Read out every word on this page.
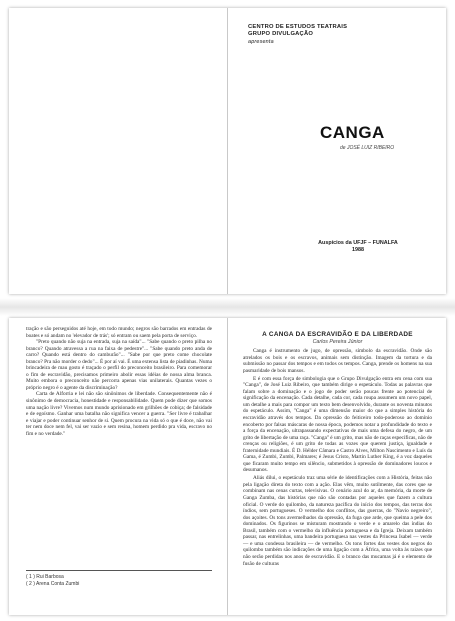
CENTRO DE ESTUDOS TEATRAIS
GRUPO DIVULGAÇÃO
apresenta
CANGA
de JOSÉ LUIZ RIBEIRO
Auspícios da UFJF – FUNALFA
1988

tração e são perseguidos até hoje, em todo mundo; negros são barrados em entradas de boates e só andam no 'elevador de trás'; só entram ou saem pela porta de serviço.

"Preto quando não suja na entrada, suja na saída"... "Sabe quando o preto pilha no branco? Quando atravessa a rua na faixa de pedestre"... "Sabe quando preto anda de carro? Quando está dentro do camburão"... "Sabe por que preto come chocolate branco? Pra não morder o dedo"... É por aí vai. É uma extensa lista de piadinhas. Numa brincadeira de mau gosto é traçado o perfil do preconceito brasileiro. Para comemorar o fim de escravidão, precisamos primeiro abolir essas idéias de nossa alma branca. Muito embora o preconceito não percorra apenas vias unilaterais. Quantas vezes o próprio negro é o agente da discriminação?

Carta de Alforria e lei não são sinônimos de liberdade. Consequentemente não é sinônimo de democracia, honestidade e responsabilidade. Quem pode dizer que somos uma nação livre? Vivemos num mundo aprisionado em grilhões de cobiça; de falsidade e de egoísmo. Ganhar uma batalha não significa vencer a guerra. "Ser livre é trabalhar e viajar e poder continuar senhor de si. Quem procura na vida só o que é doce, não vai ter nem doce nem fel, vai ser vazio e sem resina, homem perdido pra vida, escravo no fim e no verdade."

( 1 ) Rui Barbosa

( 2 ) Arena Conta Zumbi

A CANGA DA ESCRAVIDÃO E DA LIBERDADE
Carlos Pereira Júnior

Canga é instrumento de jugo, de opressão, símbolo da escravidão. Onde são atrelados os bois e os escravos, animais sem distinção. Imagem da tortura e da submissão no passar dos tempos e em todos os tempos. Canga, prende os homens na sua pasmaridade de bois mansos.

E é com essa força de simbologia que o Grupo Divulgação entra em cena com sua "Canga", de José Luiz Ribeiro, que também dirige o espetáculo. Todas as palavras que falam sobre a dominação e o jogo de poder serão poucas frente ao potencial de significação da encenação. Cada detalhe, cada cor, cada roupa assumem um novo papel, um detalhe a mais para compor um texto bem desenvolvido, durante os noventa minutos do espetáculo. Assim, "Canga" é uma dimensão maior do que a simples história do escravidão através dos tempos. Da opressão do feiticeiro todo-poderoso ao domínio encoberto por falsas máscaras de nossa época, podemos notar a profundidade do texto e a força da encenação, ultrapassando expectativas de mais uma defesa do negro, de um grito de libertação de uma raça. "Canga" é um grito, mas não de raças específicas, não de crenças ou religiões, é um grito de todas as vozes que querem justiça, igualdade e fraternidade mundiais. É D. Hélder Câmara e Castro Alves, Milton Nascimento e Luís da Gama, é Zumbi, Zumbi, Palmares; é Jesus Cristo, Martin Luther King, é a voz daqueles que ficaram muito tempo em silêncio, submetidos à opressão de dominadores loucos e desumanos.

Aliás dilui, o espetáculo traz uma série de identificações com a História, feitas não pela ligação direta do texto com a ação. Elas vêm, muito sutilmente, das cores que se combinam nas cenas curtas, televisivas. O cenário azul do ar, da memória, da morte de Ganga Zumba, das histórias que não são contadas por aqueles que fazem a cultura oficial. O verde do quilombo, da natureza pacífica do início dos tempos, das terras dos índios, sem portugueses. O vermelho dos conflitos, das guerras, do "Navio negreiro", dos açoites. Os tons avermelhados da opressão, da fuga que arde, que queima a pele dos dominados. Os figurinos se misturam mostrando o verde e o amarelo das índias do Brasil, também com o vermelho da influência portuguesa e da Igreja. Deixam também passar, nas entrelinhas, uma bandeira portuguesa nas vestes da Princesa Isabel — verde — e uma condessa brasileira — de vermelho. Os tons fortes das vestes dos negros do quilombo também são indicações de uma ligação com a África, uma volta às raízes que não serão perdidas nos anos de escravidão. E o branco das mucamas já é o elemento de fusão de culturas
